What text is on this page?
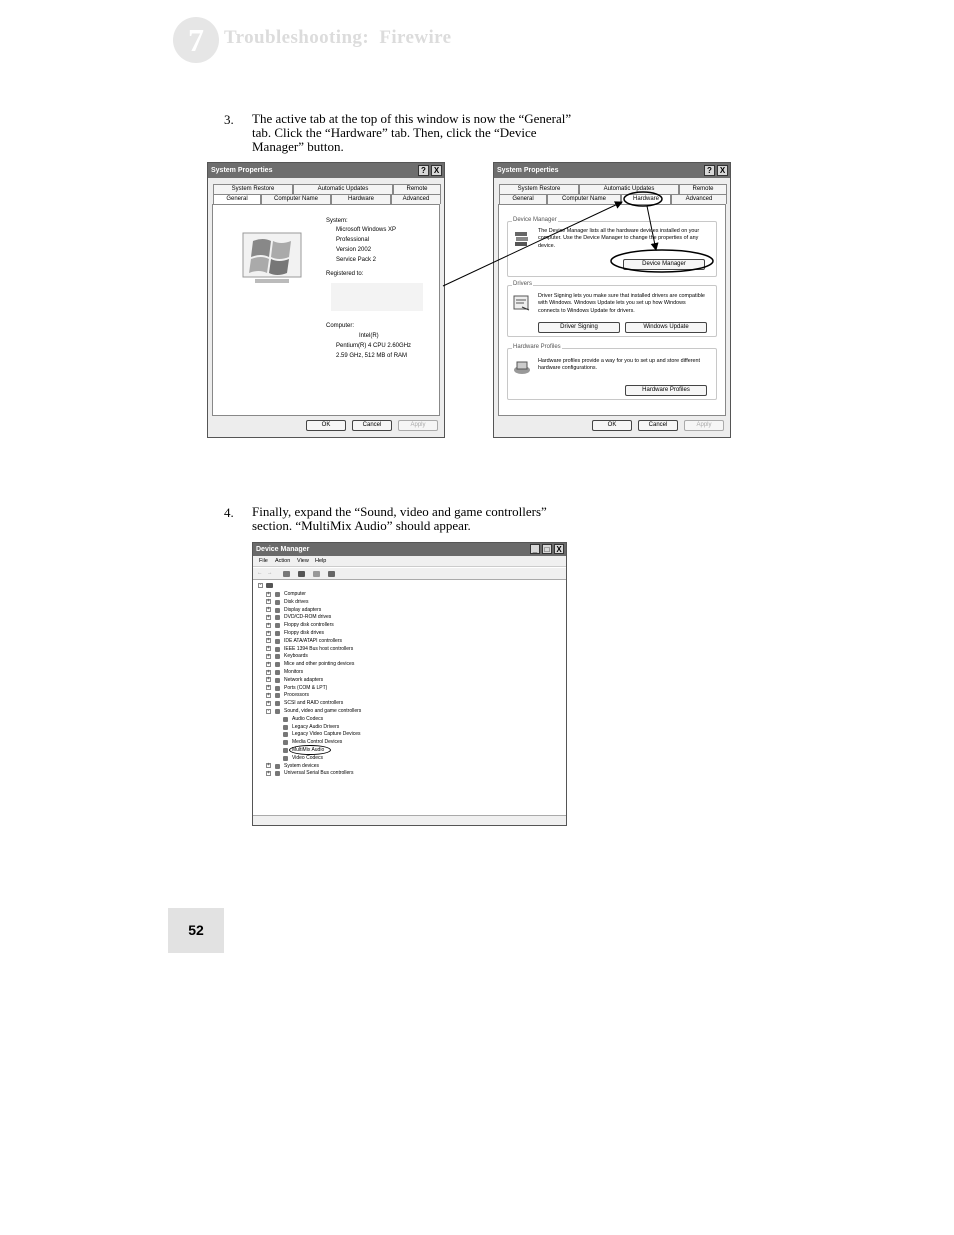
7	Troubleshooting:  Firewire
3. The active tab at the top of this window is now the “General” tab. Click the “Hardware” tab. Then, click the “Device Manager” button.
System Properties	? X
System Restore	Automatic Updates	Remote
General	Computer Name	Hardware	Advanced
System:
Microsoft Windows XP
Professional
Version 2002
Service Pack 2
Registered to:
Computer:
Intel(R)
Pentium(R) 4 CPU 2.60GHz
2.59 GHz, 512 MB of RAM
OK	Cancel	Apply
System Properties	? X
System Restore	Automatic Updates	Remote
General	Computer Name	Hardware	Advanced
Device Manager
The Device Manager lists all the hardware devices installed on your computer. Use the Device Manager to change the properties of any device.
Device Manager
Drivers
Driver Signing lets you make sure that installed drivers are compatible with Windows. Windows Update lets you set up how Windows connects to Windows Update for drivers.
Driver Signing	Windows Update
Hardware Profiles
Hardware profiles provide a way for you to set up and store different hardware configurations.
Hardware Profiles
OK	Cancel	Apply
4. Finally, expand the “Sound, video and game controllers” section. “MultiMix Audio” should appear.
Device Manager	_ □ X
File Action View Help
← →
-
+	Computer
+	Disk drives
+	Display adapters
+	DVD/CD-ROM drives
+	Floppy disk controllers
+	Floppy disk drives
+	IDE ATA/ATAPI controllers
+	IEEE 1394 Bus host controllers
+	Keyboards
+	Mice and other pointing devices
+	Monitors
+	Network adapters
+	Ports (COM & LPT)
+	Processors
+	SCSI and RAID controllers
-	Sound, video and game controllers
Audio Codecs
Legacy Audio Drivers
Legacy Video Capture Devices
Media Control Devices
MultiMix Audio
Video Codecs
+	System devices
+	Universal Serial Bus controllers
52
